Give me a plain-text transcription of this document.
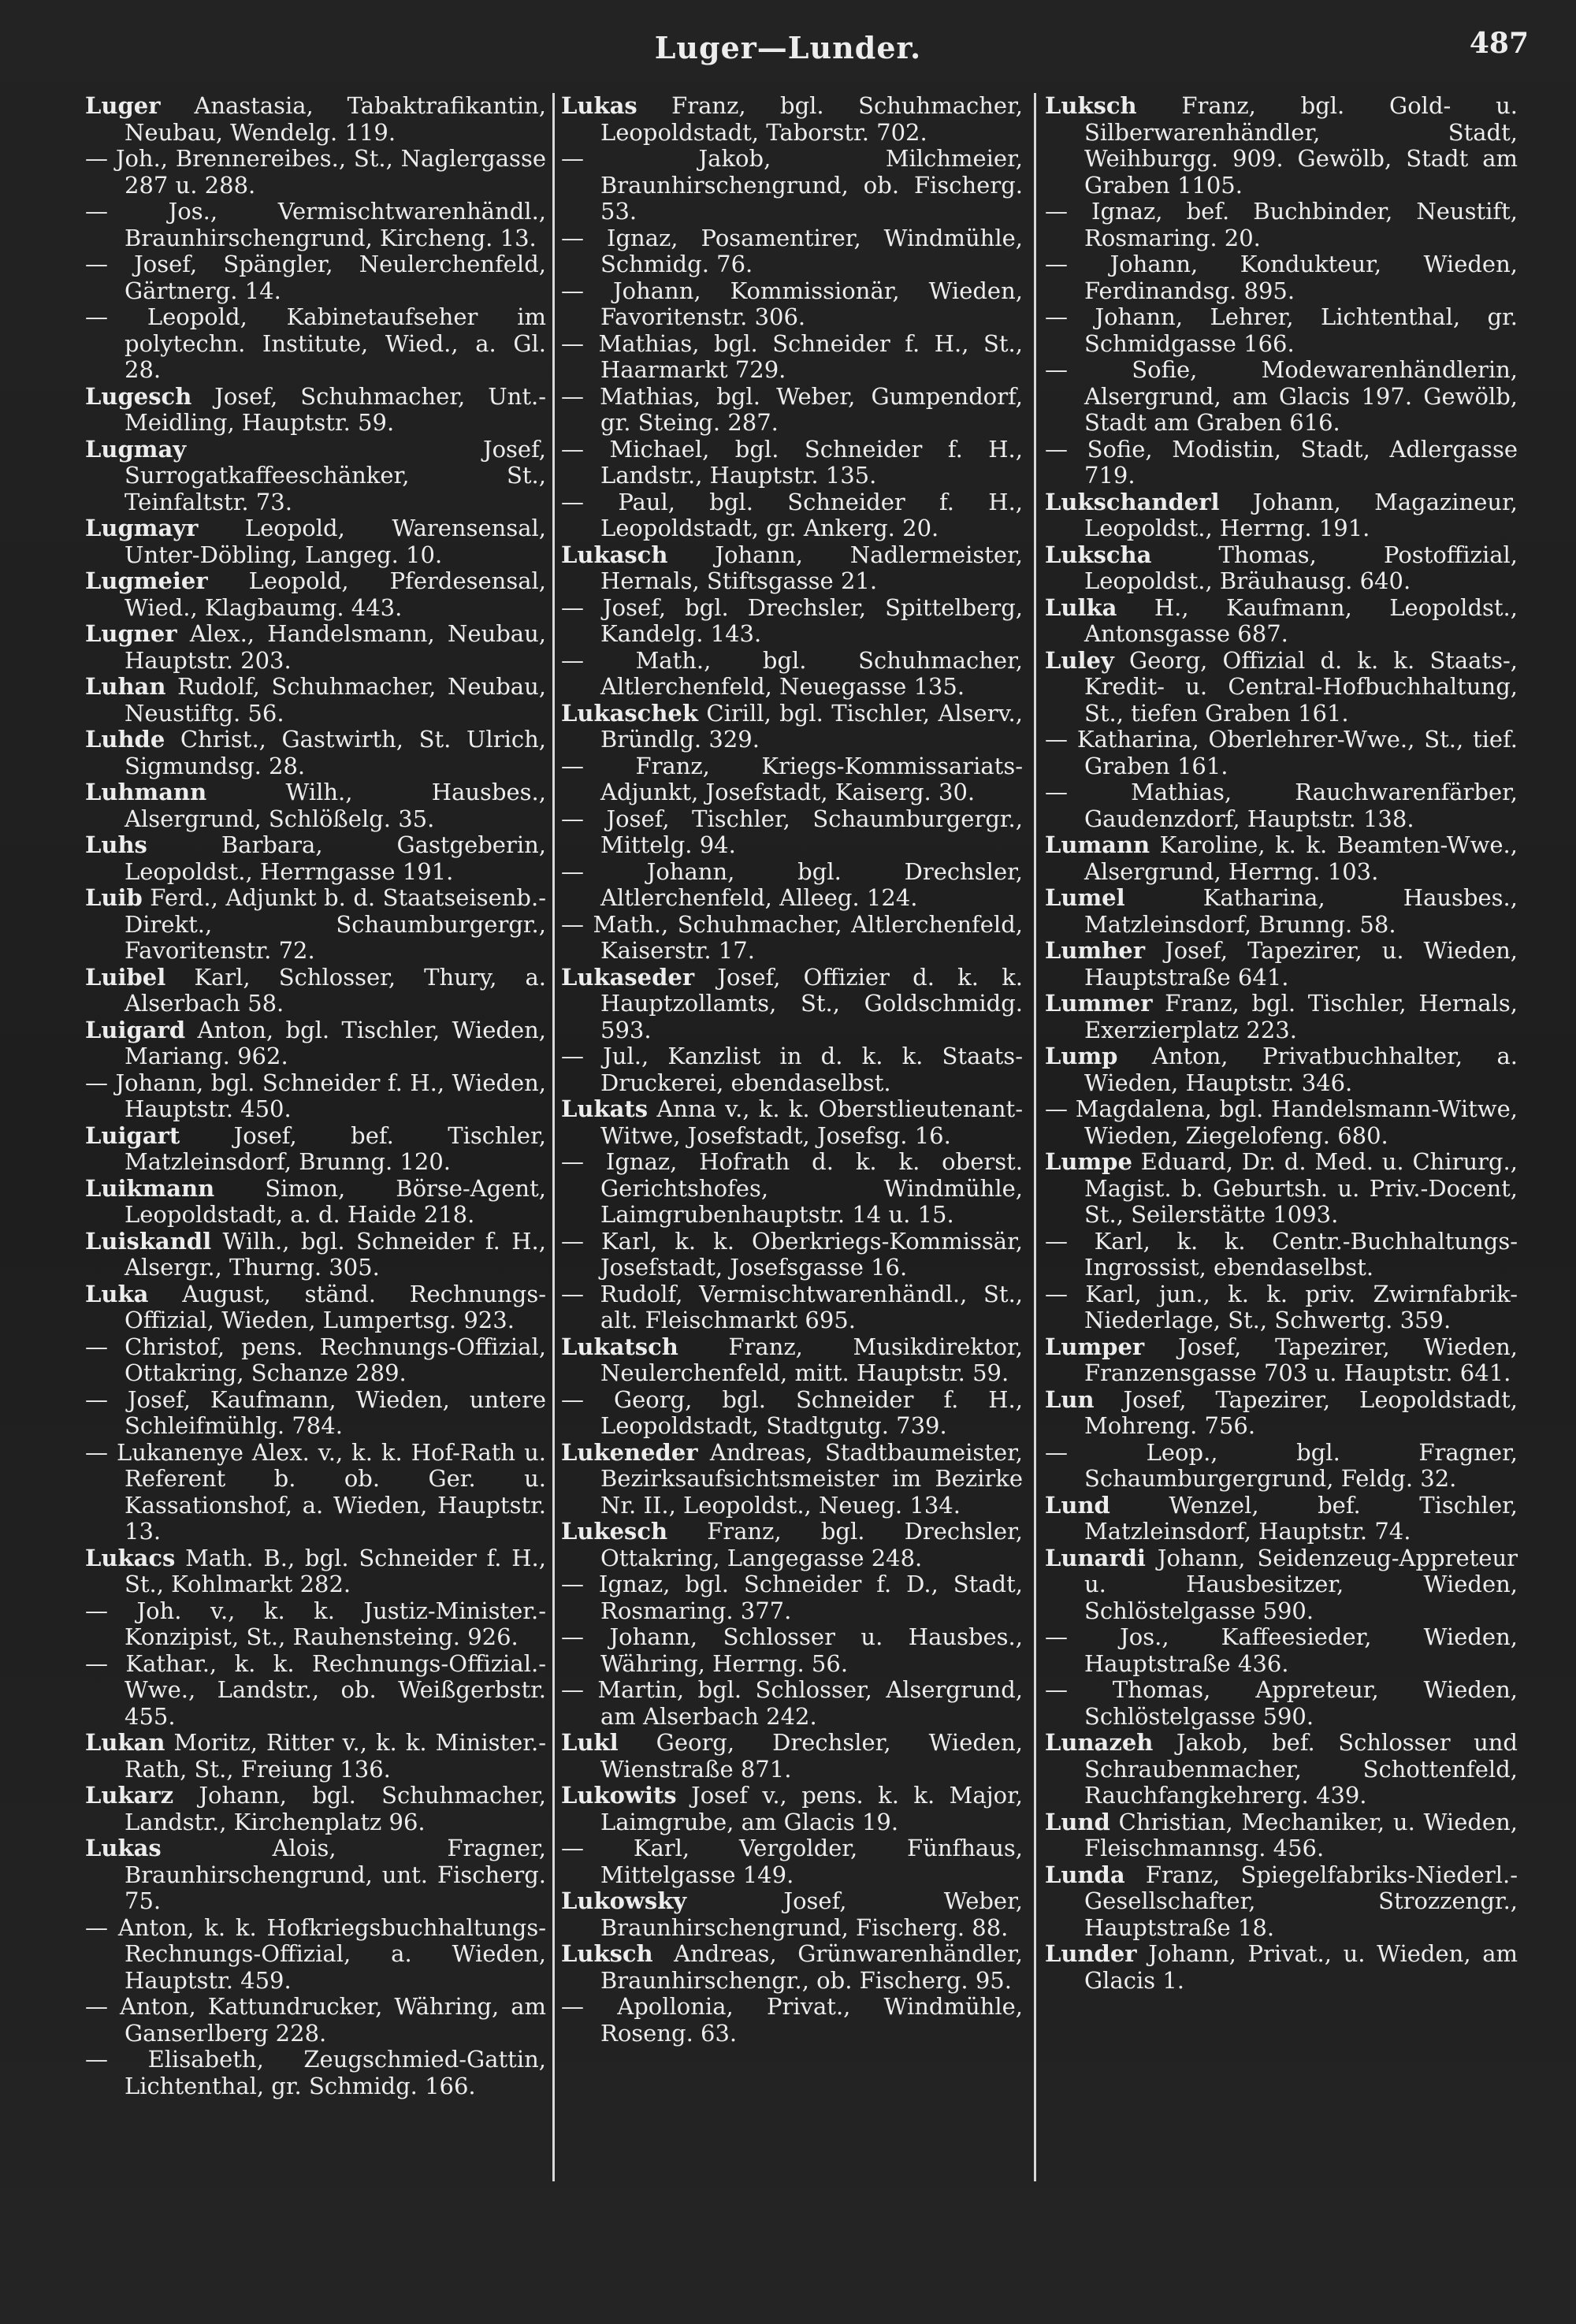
Luger—Lunder.	487

Luger Anastasia, Tabaktrafikantin, Neubau, Wendelg. 119.

— Joh., Brennereibes., St., Naglergasse 287 u. 288.

— Jos., Vermischtwarenhändl., Braunhirschengrund, Kircheng. 13.

— Josef, Spängler, Neulerchenfeld, Gärtnerg. 14.

— Leopold, Kabinetaufseher im polytechn. Institute, Wied., a. Gl. 28.

Lugesch Josef, Schuhmacher, Unt.-Meidling, Hauptstr. 59.

Lugmay Josef, Surrogatkaffeeschänker, St., Teinfaltstr. 73.

Lugmayr Leopold, Warensensal, Unter-Döbling, Langeg. 10.

Lugmeier Leopold, Pferdesensal, Wied., Klagbaumg. 443.

Lugner Alex., Handelsmann, Neubau, Hauptstr. 203.

Luhan Rudolf, Schuhmacher, Neubau, Neustiftg. 56.

Luhde Christ., Gastwirth, St. Ulrich, Sigmundsg. 28.

Luhmann Wilh., Hausbes., Alsergrund, Schlößelg. 35.

Luhs Barbara, Gastgeberin, Leopoldst., Herrngasse 191.

Luib Ferd., Adjunkt b. d. Staatseisenb.-Direkt., Schaumburgergr., Favoritenstr. 72.

Luibel Karl, Schlosser, Thury, a. Alserbach 58.

Luigard Anton, bgl. Tischler, Wieden, Mariang. 962.

— Johann, bgl. Schneider f. H., Wieden, Hauptstr. 450.

Luigart Josef, bef. Tischler, Matzleinsdorf, Brunng. 120.

Luikmann Simon, Börse-Agent, Leopoldstadt, a. d. Haide 218.

Luiskandl Wilh., bgl. Schneider f. H., Alsergr., Thurng. 305.

Luka August, ständ. Rechnungs-Offizial, Wieden, Lumpertsg. 923.

— Christof, pens. Rechnungs-Offizial, Ottakring, Schanze 289.

— Josef, Kaufmann, Wieden, untere Schleifmühlg. 784.

— Lukanenye Alex. v., k. k. Hof-Rath u. Referent b. ob. Ger. u. Kassationshof, a. Wieden, Hauptstr. 13.

Lukacs Math. B., bgl. Schneider f. H., St., Kohlmarkt 282.

— Joh. v., k. k. Justiz-Minister.-Konzipist, St., Rauhensteing. 926.

— Kathar., k. k. Rechnungs-Offizial.-Wwe., Landstr., ob. Weißgerbstr. 455.

Lukan Moritz, Ritter v., k. k. Minister.-Rath, St., Freiung 136.

Lukarz Johann, bgl. Schuhmacher, Landstr., Kirchenplatz 96.

Lukas Alois, Fragner, Braunhirschengrund, unt. Fischerg. 75.

— Anton, k. k. Hofkriegsbuchhaltungs-Rechnungs-Offizial, a. Wieden, Hauptstr. 459.

— Anton, Kattundrucker, Währing, am Ganserlberg 228.

— Elisabeth, Zeugschmied-Gattin, Lichtenthal, gr. Schmidg. 166.

Lukas Franz, bgl. Schuhmacher, Leopoldstadt, Taborstr. 702.

— Jakob, Milchmeier, Braunhirschengrund, ob. Fischerg. 53.

— Ignaz, Posamentirer, Windmühle, Schmidg. 76.

— Johann, Kommissionär, Wieden, Favoritenstr. 306.

— Mathias, bgl. Schneider f. H., St., Haarmarkt 729.

— Mathias, bgl. Weber, Gumpendorf, gr. Steing. 287.

— Michael, bgl. Schneider f. H., Landstr., Hauptstr. 135.

— Paul, bgl. Schneider f. H., Leopoldstadt, gr. Ankerg. 20.

Lukasch Johann, Nadlermeister, Hernals, Stiftsgasse 21.

— Josef, bgl. Drechsler, Spittelberg, Kandelg. 143.

— Math., bgl. Schuhmacher, Altlerchenfeld, Neuegasse 135.

Lukaschek Cirill, bgl. Tischler, Alserv., Bründlg. 329.

— Franz, Kriegs-Kommissariats-Adjunkt, Josefstadt, Kaiserg. 30.

— Josef, Tischler, Schaumburgergr., Mittelg. 94.

— Johann, bgl. Drechsler, Altlerchenfeld, Alleeg. 124.

— Math., Schuhmacher, Altlerchenfeld, Kaiserstr. 17.

Lukaseder Josef, Offizier d. k. k. Hauptzollamts, St., Goldschmidg. 593.

— Jul., Kanzlist in d. k. k. Staats-Druckerei, ebendaselbst.

Lukats Anna v., k. k. Oberstlieutenant-Witwe, Josefstadt, Josefsg. 16.

— Ignaz, Hofrath d. k. k. oberst. Gerichtshofes, Windmühle, Laimgrubenhauptstr. 14 u. 15.

— Karl, k. k. Oberkriegs-Kommissär, Josefstadt, Josefsgasse 16.

— Rudolf, Vermischtwarenhändl., St., alt. Fleischmarkt 695.

Lukatsch Franz, Musikdirektor, Neulerchenfeld, mitt. Hauptstr. 59.

— Georg, bgl. Schneider f. H., Leopoldstadt, Stadtgutg. 739.

Lukeneder Andreas, Stadtbaumeister, Bezirksaufsichtsmeister im Bezirke Nr. II., Leopoldst., Neueg. 134.

Lukesch Franz, bgl. Drechsler, Ottakring, Langegasse 248.

— Ignaz, bgl. Schneider f. D., Stadt, Rosmaring. 377.

— Johann, Schlosser u. Hausbes., Währing, Herrng. 56.

— Martin, bgl. Schlosser, Alsergrund, am Alserbach 242.

Lukl Georg, Drechsler, Wieden, Wienstraße 871.

Lukowits Josef v., pens. k. k. Major, Laimgrube, am Glacis 19.

— Karl, Vergolder, Fünfhaus, Mittelgasse 149.

Lukowsky Josef, Weber, Braunhirschengrund, Fischerg. 88.

Luksch Andreas, Grünwarenhändler, Braunhirschengr., ob. Fischerg. 95.

— Apollonia, Privat., Windmühle, Roseng. 63.

Luksch Franz, bgl. Gold- u. Silberwarenhändler, Stadt, Weihburgg. 909. Gewölb, Stadt am Graben 1105.

— Ignaz, bef. Buchbinder, Neustift, Rosmaring. 20.

— Johann, Kondukteur, Wieden, Ferdinandsg. 895.

— Johann, Lehrer, Lichtenthal, gr. Schmidgasse 166.

— Sofie, Modewarenhändlerin, Alsergrund, am Glacis 197. Gewölb, Stadt am Graben 616.

— Sofie, Modistin, Stadt, Adlergasse 719.

Lukschanderl Johann, Magazineur, Leopoldst., Herrng. 191.

Lukscha Thomas, Postoffizial, Leopoldst., Bräuhausg. 640.

Lulka H., Kaufmann, Leopoldst., Antonsgasse 687.

Luley Georg, Offizial d. k. k. Staats-, Kredit- u. Central-Hofbuchhaltung, St., tiefen Graben 161.

— Katharina, Oberlehrer-Wwe., St., tief. Graben 161.

— Mathias, Rauchwarenfärber, Gaudenzdorf, Hauptstr. 138.

Lumann Karoline, k. k. Beamten-Wwe., Alsergrund, Herrng. 103.

Lumel Katharina, Hausbes., Matzleinsdorf, Brunng. 58.

Lumher Josef, Tapezirer, u. Wieden, Hauptstraße 641.

Lummer Franz, bgl. Tischler, Hernals, Exerzierplatz 223.

Lump Anton, Privatbuchhalter, a. Wieden, Hauptstr. 346.

— Magdalena, bgl. Handelsmann-Witwe, Wieden, Ziegelofeng. 680.

Lumpe Eduard, Dr. d. Med. u. Chirurg., Magist. b. Geburtsh. u. Priv.-Docent, St., Seilerstätte 1093.

— Karl, k. k. Centr.-Buchhaltungs-Ingrossist, ebendaselbst.

— Karl, jun., k. k. priv. Zwirnfabrik-Niederlage, St., Schwertg. 359.

Lumper Josef, Tapezirer, Wieden, Franzensgasse 703 u. Hauptstr. 641.

Lun Josef, Tapezirer, Leopoldstadt, Mohreng. 756.

— Leop., bgl. Fragner, Schaumburgergrund, Feldg. 32.

Lund Wenzel, bef. Tischler, Matzleinsdorf, Hauptstr. 74.

Lunardi Johann, Seidenzeug-Appreteur u. Hausbesitzer, Wieden, Schlöstelgasse 590.

— Jos., Kaffeesieder, Wieden, Hauptstraße 436.

— Thomas, Appreteur, Wieden, Schlöstelgasse 590.

Lunazeh Jakob, bef. Schlosser und Schraubenmacher, Schottenfeld, Rauchfangkehrerg. 439.

Lund Christian, Mechaniker, u. Wieden, Fleischmannsg. 456.

Lunda Franz, Spiegelfabriks-Niederl.-Gesellschafter, Strozzengr., Hauptstraße 18.

Lunder Johann, Privat., u. Wieden, am Glacis 1.
